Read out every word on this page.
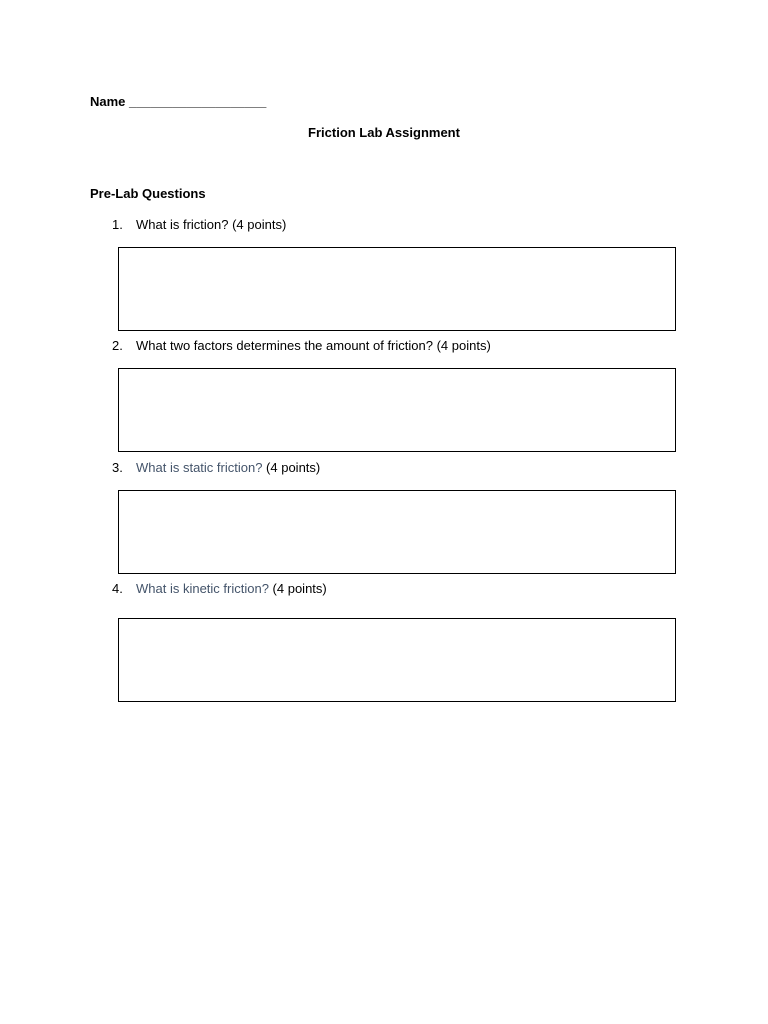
Name ___________________
Friction Lab Assignment
Pre-Lab Questions
1. What is friction? (4 points)
2. What two factors determines the amount of friction? (4 points)
3. What is static friction? (4 points)
4. What is kinetic friction? (4 points)
